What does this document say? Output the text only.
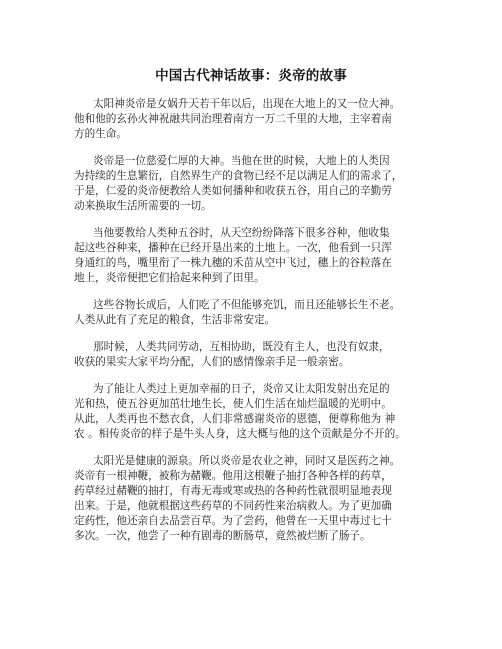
中国古代神话故事：炎帝的故事
太阳神炎帝是女娲升天若干年以后，出现在大地上的又一位大神。
他和他的玄孙火神祝融共同治理着南方一万二千里的大地，主宰着南
方的生命。
炎帝是一位慈爱仁厚的大神。当他在世的时候，大地上的人类因
为持续的生息繁衍，自然界生产的食物已经不足以满足人们的需求了，
于是，仁爱的炎帝便教给人类如何播种和收获五谷，用自己的辛勤劳
动来换取生活所需要的一切。
当他要教给人类种五谷时，从天空纷纷降落下很多谷种，他收集
起这些谷种来，播种在已经开垦出来的土地上。一次，他看到一只浑
身通红的鸟，嘴里衔了一株九穗的禾苗从空中飞过，穗上的谷粒落在
地上，炎帝便把它们拾起来种到了田里。
这些谷物长成后，人们吃了不但能够充饥，而且还能够长生不老。
人类从此有了充足的粮食，生活非常安定。
那时候，人类共同劳动，互相协助，既没有主人，也没有奴隶，
收获的果实大家平均分配，人们的感情像亲手足一般亲密。
为了能让人类过上更加幸福的日子，炎帝又让太阳发射出充足的
光和热，使五谷更加茁壮地生长，使人们生活在灿烂温暖的光明中。
从此，人类再也不愁衣食，人们非常感谢炎帝的恩德，便尊称他为 神
农 。相传炎帝的样子是牛头人身，这大概与他的这个贡献是分不开的。
太阳光是健康的源泉。所以炎帝是农业之神，同时又是医药之神。
炎帝有一根神鞭，被称为赭鞭。他用这根鞭子抽打各种各样的药草，
药草经过赭鞭的抽打，有毒无毒或寒或热的各种药性就很明显地表现
出来。于是，他就根据这些药草的不同药性来治病救人。为了更加确
定药性，他还亲自去品尝百草。为了尝药，他曾在一天里中毒过七十
多次。一次，他尝了一种有剧毒的断肠草，竟然被烂断了肠子。
